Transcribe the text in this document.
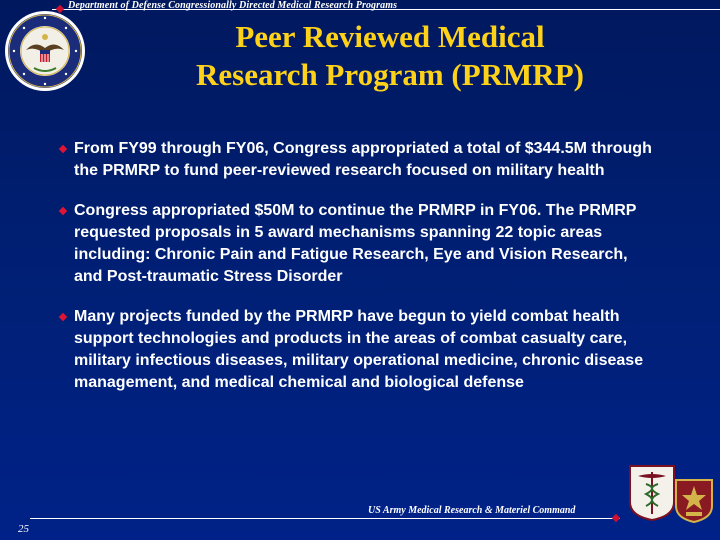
Department of Defense Congressionally Directed Medical Research Programs
Peer Reviewed Medical
Research Program (PRMRP)
From FY99 through FY06, Congress appropriated a total of $344.5M through the PRMRP to fund peer-reviewed research focused on military health
Congress appropriated $50M to continue the PRMRP in FY06. The PRMRP requested proposals in 5 award mechanisms spanning 22 topic areas including: Chronic Pain and Fatigue Research, Eye and Vision Research, and Post-traumatic Stress Disorder
Many projects funded by the PRMRP have begun to yield combat health support technologies and products in the areas of combat casualty care, military infectious diseases, military operational medicine, chronic disease management, and medical chemical and biological defense
US Army Medical Research & Materiel Command
25
